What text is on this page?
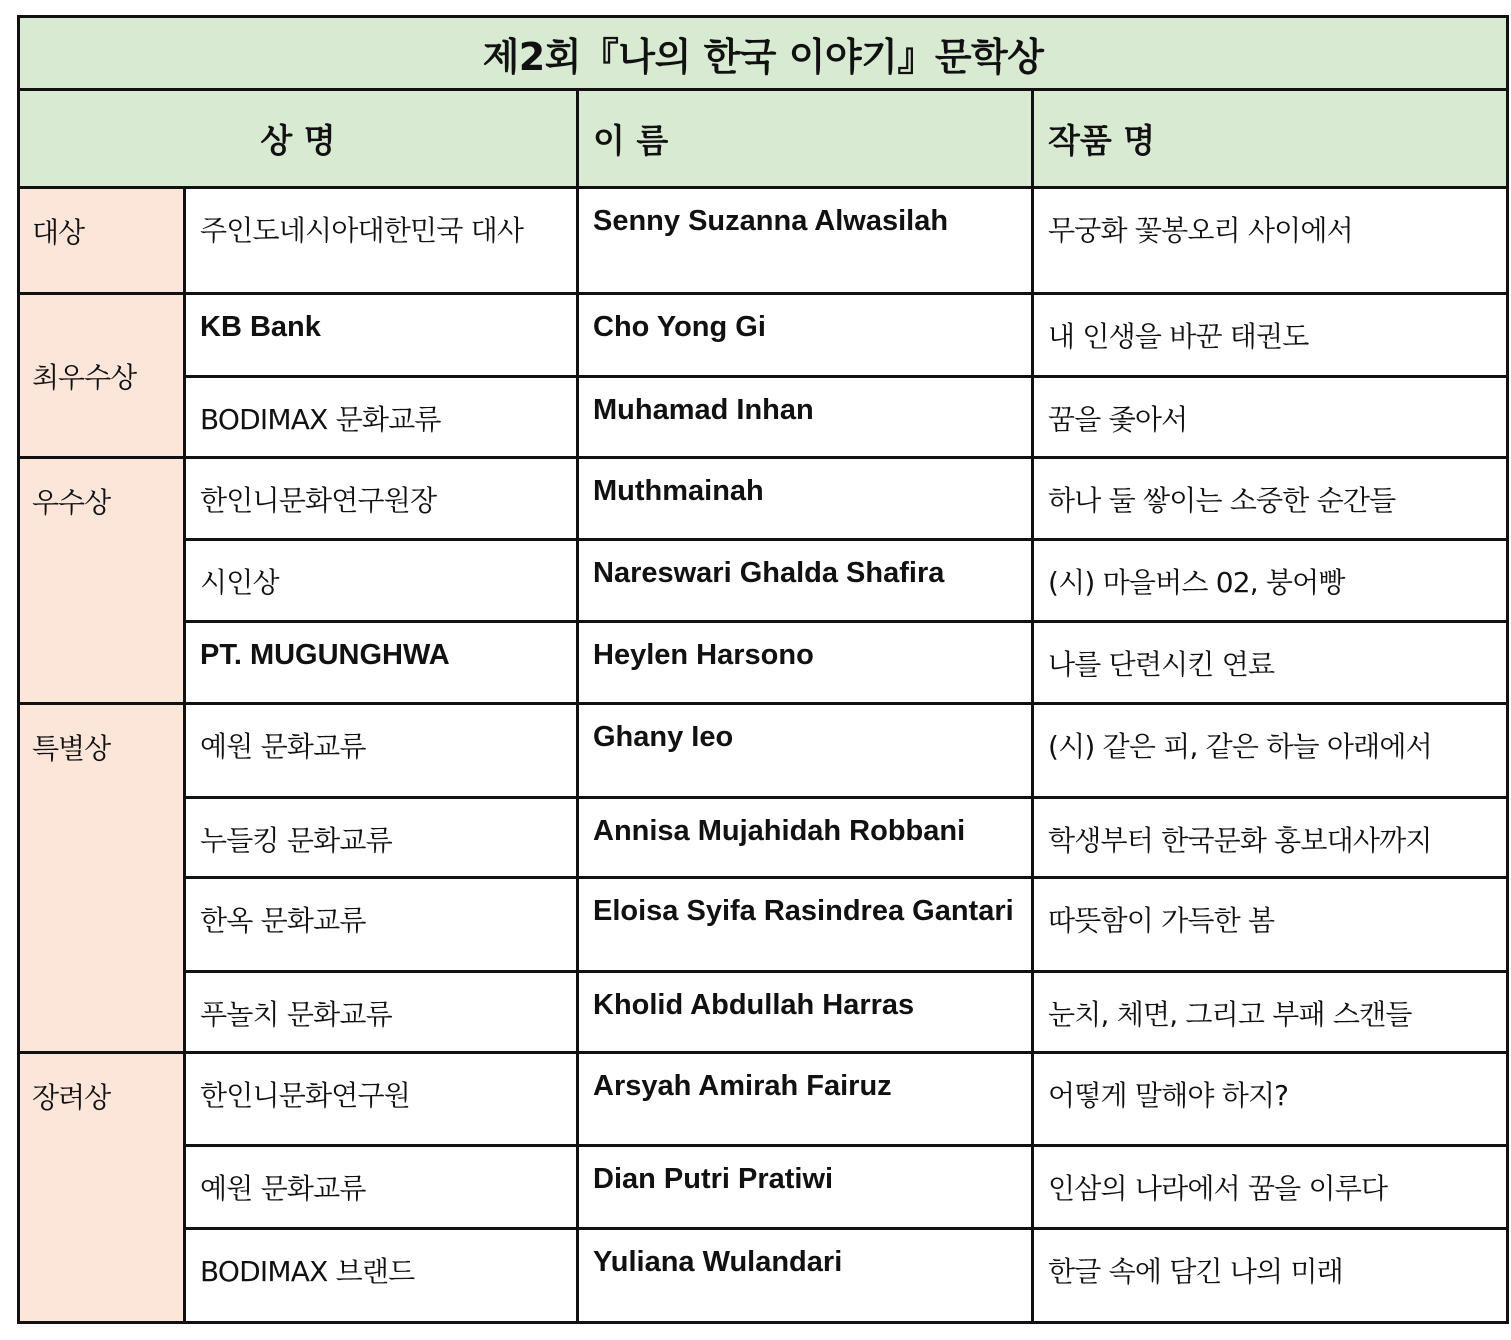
제2회『나의 한국 이야기』문학상			
상 명		이 름	작품 명
대상	주인도네시아대한민국 대사	Senny Suzanna Alwasilah	무궁화 꽃봉오리 사이에서
최우수상	KB Bank	Cho Yong Gi	내 인생을 바꾼 태권도
	BODIMAX 문화교류	Muhamad Inhan	꿈을 좇아서
우수상	한인니문화연구원장	Muthmainah	하나 둘 쌓이는 소중한 순간들
	시인상	Nareswari Ghalda Shafira	(시) 마을버스 02, 붕어빵
	PT. MUGUNGHWA	Heylen Harsono	나를 단련시킨 연료
특별상	예원 문화교류	Ghany Ieo	(시) 같은 피, 같은 하늘 아래에서
	누들킹 문화교류	Annisa Mujahidah Robbani	학생부터 한국문화 홍보대사까지
	한옥 문화교류	Eloisa Syifa Rasindrea Gantari	따뜻함이 가득한 봄
	푸놀치 문화교류	Kholid Abdullah Harras	눈치, 체면, 그리고 부패 스캔들
장려상	한인니문화연구원	Arsyah Amirah Fairuz	어떻게 말해야 하지?
	예원 문화교류	Dian Putri Pratiwi	인삼의 나라에서 꿈을 이루다
	BODIMAX 브랜드	Yuliana Wulandari	한글 속에 담긴 나의 미래
